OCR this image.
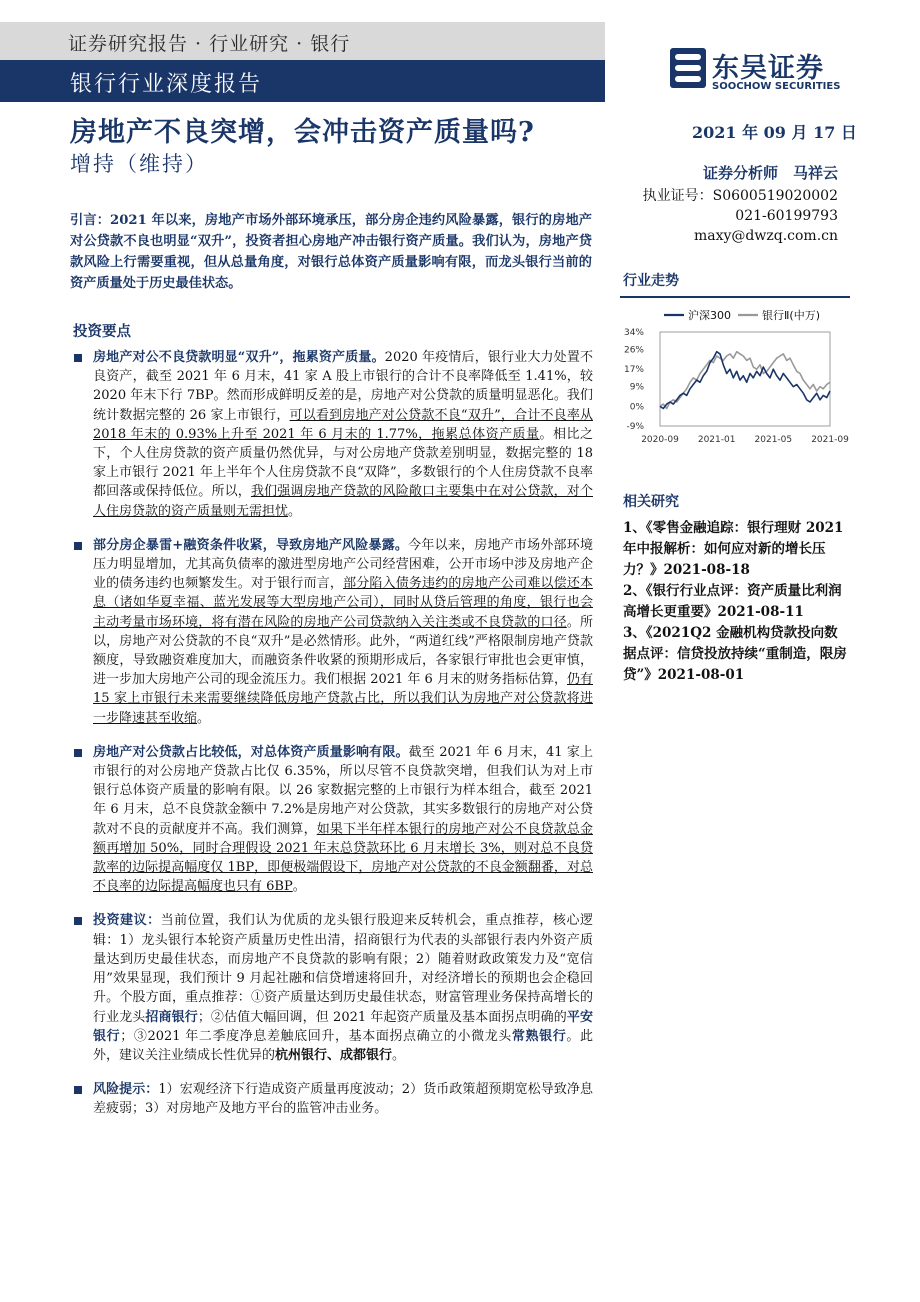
证券研究报告 · 行业研究 · 银行
银行行业深度报告
东吴证券
SOOCHOW SECURITIES
房地产不良突增，会冲击资产质量吗?
增持（维持）
2021 年 09 月 17 日
证券分析师　马祥云
执业证号：S0600519020002
021-60199793
maxy@dwzq.com.cn
引言：2021 年以来，房地产市场外部环境承压，部分房企违约风险暴露，银行的房地产对公贷款不良也明显“双升”，投资者担心房地产冲击银行资产质量。我们认为，房地产贷款风险上行需要重视，但从总量角度，对银行总体资产质量影响有限，而龙头银行当前的资产质量处于历史最佳状态。
投资要点
房地产对公不良贷款明显“双升”，拖累资产质量。2020 年疫情后，银行业大力处置不良资产，截至 2021 年 6 月末，41 家 A 股上市银行的合计不良率降低至 1.41%，较 2020 年末下行 7BP。然而形成鲜明反差的是，房地产对公贷款的质量明显恶化。我们统计数据完整的 26 家上市银行，可以看到房地产对公贷款不良“双升”，合计不良率从 2018 年末的 0.93%上升至 2021 年 6 月末的 1.77%，拖累总体资产质量。相比之下，个人住房贷款的资产质量仍然优异，与对公房地产贷款差别明显，数据完整的 18 家上市银行 2021 年上半年个人住房贷款不良“双降”，多数银行的个人住房贷款不良率都回落或保持低位。所以，我们强调房地产贷款的风险敞口主要集中在对公贷款，对个人住房贷款的资产质量则无需担忧。
部分房企暴雷+融资条件收紧，导致房地产风险暴露。今年以来，房地产市场外部环境压力明显增加，尤其高负债率的激进型房地产公司经营困难，公开市场中涉及房地产企业的债务违约也频繁发生。对于银行而言，部分陷入债务违约的房地产公司难以偿还本息（诸如华夏幸福、蓝光发展等大型房地产公司），同时从贷后管理的角度，银行也会主动考量市场环境，将有潜在风险的房地产公司贷款纳入关注类或不良贷款的口径。所以，房地产对公贷款的不良“双升”是必然情形。此外，“两道红线”严格限制房地产贷款额度，导致融资难度加大，而融资条件收紧的预期形成后，各家银行审批也会更审慎，进一步加大房地产公司的现金流压力。我们根据 2021 年 6 月末的财务指标估算，仍有 15 家上市银行未来需要继续降低房地产贷款占比，所以我们认为房地产对公贷款将进一步降速甚至收缩。
房地产对公贷款占比较低，对总体资产质量影响有限。截至 2021 年 6 月末，41 家上市银行的对公房地产贷款占比仅 6.35%，所以尽管不良贷款突增，但我们认为对上市银行总体资产质量的影响有限。以 26 家数据完整的上市银行为样本组合，截至 2021 年 6 月末，总不良贷款金额中 7.2%是房地产对公贷款，其实多数银行的房地产对公贷款对不良的贡献度并不高。我们测算，如果下半年样本银行的房地产对公不良贷款总金额再增加 50%，同时合理假设 2021 年末总贷款环比 6 月末增长 3%，则对总不良贷款率的边际提高幅度仅 1BP，即便极端假设下，房地产对公贷款的不良金额翻番，对总不良率的边际提高幅度也只有 6BP。
投资建议：当前位置，我们认为优质的龙头银行股迎来反转机会，重点推荐，核心逻辑：1）龙头银行本轮资产质量历史性出清，招商银行为代表的头部银行表内外资产质量达到历史最佳状态，而房地产不良贷款的影响有限；2）随着财政政策发力及“宽信用”效果显现，我们预计 9 月起社融和信贷增速将回升，对经济增长的预期也会企稳回升。个股方面，重点推荐：①资产质量达到历史最佳状态，财富管理业务保持高增长的行业龙头招商银行；②估值大幅回调，但 2021 年起资产质量及基本面拐点明确的平安银行；③2021 年二季度净息差触底回升，基本面拐点确立的小微龙头常熟银行。此外，建议关注业绩成长性优异的杭州银行、成都银行。
风险提示：1）宏观经济下行造成资产质量再度波动；2）货币政策超预期宽松导致净息差疲弱；3）对房地产及地方平台的监管冲击业务。
行业走势
沪深300	银行Ⅱ(中万)
34%
26%
17%
9%
0%
-9%
2020-09 2021-01 2021-05 2021-09
相关研究
1、《零售金融追踪：银行理财 2021 年中报解析：如何应对新的增长压力？》2021-08-18
2、《银行行业点评：资产质量比利润高增长更重要》2021-08-11
3、《2021Q2 金融机构贷款投向数据点评：信贷投放持续“重制造，限房贷”》2021-08-01
